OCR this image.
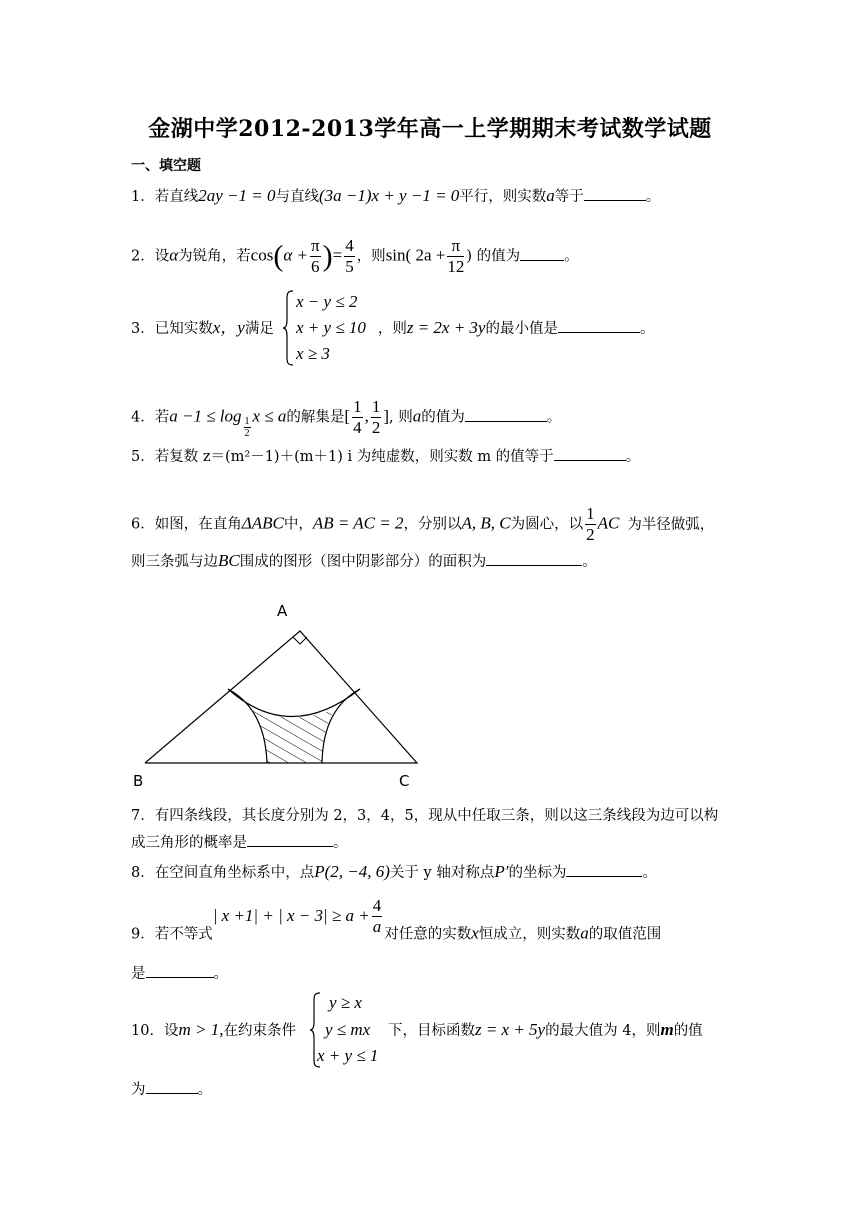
金湖中学2012-2013学年高一上学期期末考试数学试题
一、填空题
1．若直线2ay −1 = 0与直线(3a −1)x + y −1 = 0平行，则实数a等于	。
2．设α为锐角，若$\cos(\alpha + \frac{\pi}{6}$ )= $\frac{4}{5}$ ，则sin( $2a + \frac{\pi}{12}$ ) 的值为	。
3．已知实数x，y满足	，则z = 2x + 3y的最小值是	。
x − y ≤ 2
x + y ≤ 10
x ≥ 3
4．若$a -1 \le \log \frac{1}{2}$ x ≤ a的解集是[ $\frac{1}{4}$ , $\frac{1}{2}$ ], 则a的值为	。
5．若复数 z＝(m²－1)＋(m＋1) i 为纯虚数，则实数 m 的值等于	。
6．如图，在直角ΔABC中，AB = AC = 2，分别以A, B, C为圆心，以 $\frac{1}{2}$ AC 为半径做弧，
则三条弧与边BC围成的图形（图中阴影部分）的面积为	。
A
B	C
7．有四条线段，其长度分别为 2，3，4，5，现从中任取三条，则以这三条线段为边可以构
成三角形的概率是	。
8．在空间直角坐标系中，点P(2, −4, 6)关于 y 轴对称点P′的坐标为	。
9．若不等式| x +1| + | $x - 3| \ge a + \frac{4}{a}$ 对任意的实数x恒成立，则实数a的取值范围
是	。
10．设m > 1,在约束条件	下，目标函数z = x + 5y的最大值为 4，则m的值
y ≥ x
y ≤ mx
x + y ≤ 1
为	。
